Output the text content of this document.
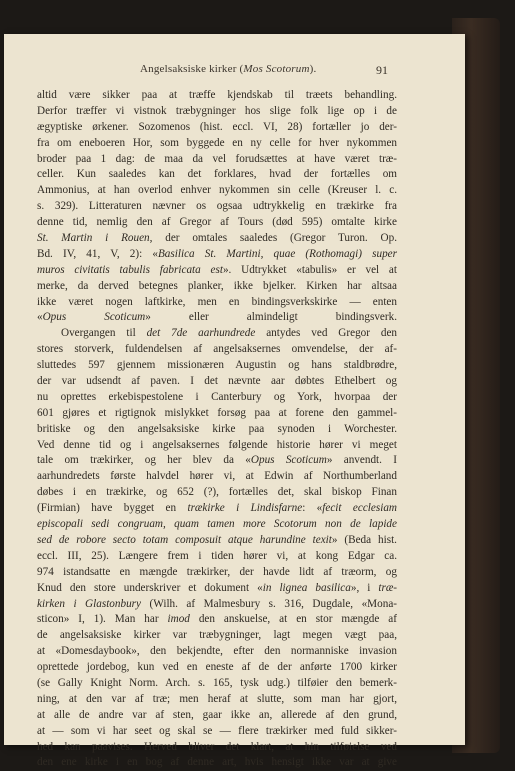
Angelsaksiske kirker (Mos Scotorum).	91
altid være sikker paa at træffe kjendskab til træets behandling.
Derfor træffer vi vistnok træbygninger hos slige folk lige op i de
ægyptiske ørkener. Sozomenos (hist. eccl. VI, 28) fortæller jo der-
fra om eneboeren Hor, som byggede en ny celle for hver nykommen
broder paa 1 dag: de maa da vel forudsættes at have været træ-
celler. Kun saaledes kan det forklares, hvad der fortælles om
Ammonius, at han overlod enhver nykommen sin celle (Kreuser l. c.
s. 329). Litteraturen nævner os ogsaa udtrykkelig en trækirke fra
denne tid, nemlig den af Gregor af Tours (død 595) omtalte kirke
St. Martin i Rouen, der omtales saaledes (Gregor Turon. Op.
Bd. IV, 41, V, 2): «Basilica St. Martini, quae (Rothomagi) super
muros civitatis tabulis fabricata est». Udtrykket «tabulis» er vel at
merke, da derved betegnes planker, ikke bjelker. Kirken har altsaa
ikke været nogen laftkirke, men en bindingsverkskirke — enten
«Opus Scoticum» eller almindeligt bindingsverk.
Overgangen til det 7de aarhundrede antydes ved Gregor den
stores storverk, fuldendelsen af angelsaksernes omvendelse, der af-
sluttedes 597 gjennem missionæren Augustin og hans staldbrødre,
der var udsendt af paven. I det nævnte aar døbtes Ethelbert og
nu oprettes erkebispestolene i Canterbury og York, hvorpaa der
601 gjøres et rigtignok mislykket forsøg paa at forene den gammel-
britiske og den angelsaksiske kirke paa synoden i Worchester.
Ved denne tid og i angelsaksernes følgende historie hører vi meget
tale om trækirker, og her blev da «Opus Scoticum» anvendt. I
aarhundredets første halvdel hører vi, at Edwin af Northumberland
døbes i en trækirke, og 652 (?), fortælles det, skal biskop Finan
(Firmian) have bygget en trækirke i Lindisfarne: «fecit ecclesiam
episcopali sedi congruam, quam tamen more Scotorum non de lapide
sed de robore secto totam composuit atque harundine texit» (Beda hist.
eccl. III, 25). Længere frem i tiden hører vi, at kong Edgar ca.
974 istandsatte en mængde trækirker, der havde lidt af træorm, og
Knud den store underskriver et dokument «in lignea basilica», i træ-
kirken i Glastonbury (Wilh. af Malmesbury s. 316, Dugdale, «Mona-
sticon» I, 1). Man har imod den anskuelse, at en stor mængde af
de angelsaksiske kirker var træbygninger, lagt megen vægt paa,
at «Domesdaybook», den bekjendte, efter den normanniske invasion
oprettede jordebog, kun ved en eneste af de der anførte 1700 kirker
(se Gally Knight Norm. Arch. s. 165, tysk udg.) tilføier den bemerk-
ning, at den var af træ; men heraf at slutte, som man har gjort,
at alle de andre var af sten, gaar ikke an, allerede af den grund,
at — som vi har seet og skal se — flere trækirker med fuld sikker-
hed kan paavises. Herved bliver det klart, at hin tilføielse ved
den ene kirke i en bog af denne art, hvis hensigt ikke var at give
